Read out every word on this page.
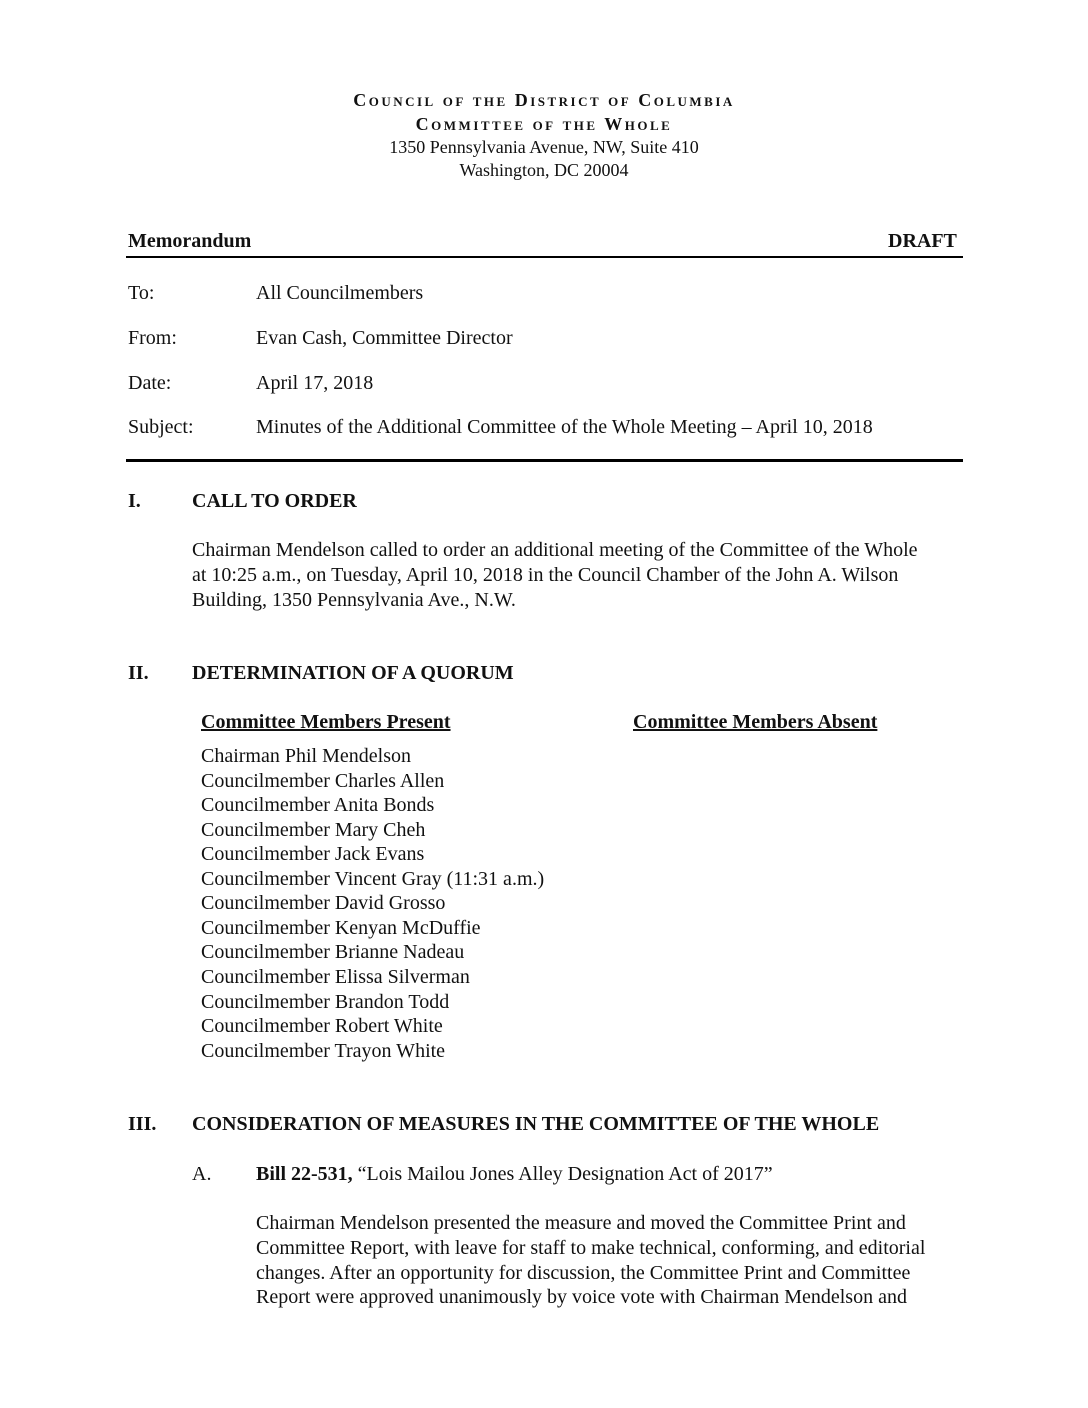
Council of the District of Columbia
Committee of the Whole
1350 Pennsylvania Avenue, NW, Suite 410
Washington, DC 20004
Memorandum	DRAFT
To:	All Councilmembers
From:	Evan Cash, Committee Director
Date:	April 17, 2018
Subject:	Minutes of the Additional Committee of the Whole Meeting – April 10, 2018
I.	CALL TO ORDER
Chairman Mendelson called to order an additional meeting of the Committee of the Whole
at 10:25 a.m., on Tuesday, April 10, 2018 in the Council Chamber of the John A. Wilson
Building, 1350 Pennsylvania Ave., N.W.
II. DETERMINATION OF A QUORUM
Committee Members Present	Committee Members Absent
Chairman Phil Mendelson
Councilmember Charles Allen
Councilmember Anita Bonds
Councilmember Mary Cheh
Councilmember Jack Evans
Councilmember Vincent Gray (11:31 a.m.)
Councilmember David Grosso
Councilmember Kenyan McDuffie
Councilmember Brianne Nadeau
Councilmember Elissa Silverman
Councilmember Brandon Todd
Councilmember Robert White
Councilmember Trayon White
III. CONSIDERATION OF MEASURES IN THE COMMITTEE OF THE WHOLE
A. Bill 22-531, “Lois Mailou Jones Alley Designation Act of 2017”
Chairman Mendelson presented the measure and moved the Committee Print and
Committee Report, with leave for staff to make technical, conforming, and editorial
changes. After an opportunity for discussion, the Committee Print and Committee
Report were approved unanimously by voice vote with Chairman Mendelson and
